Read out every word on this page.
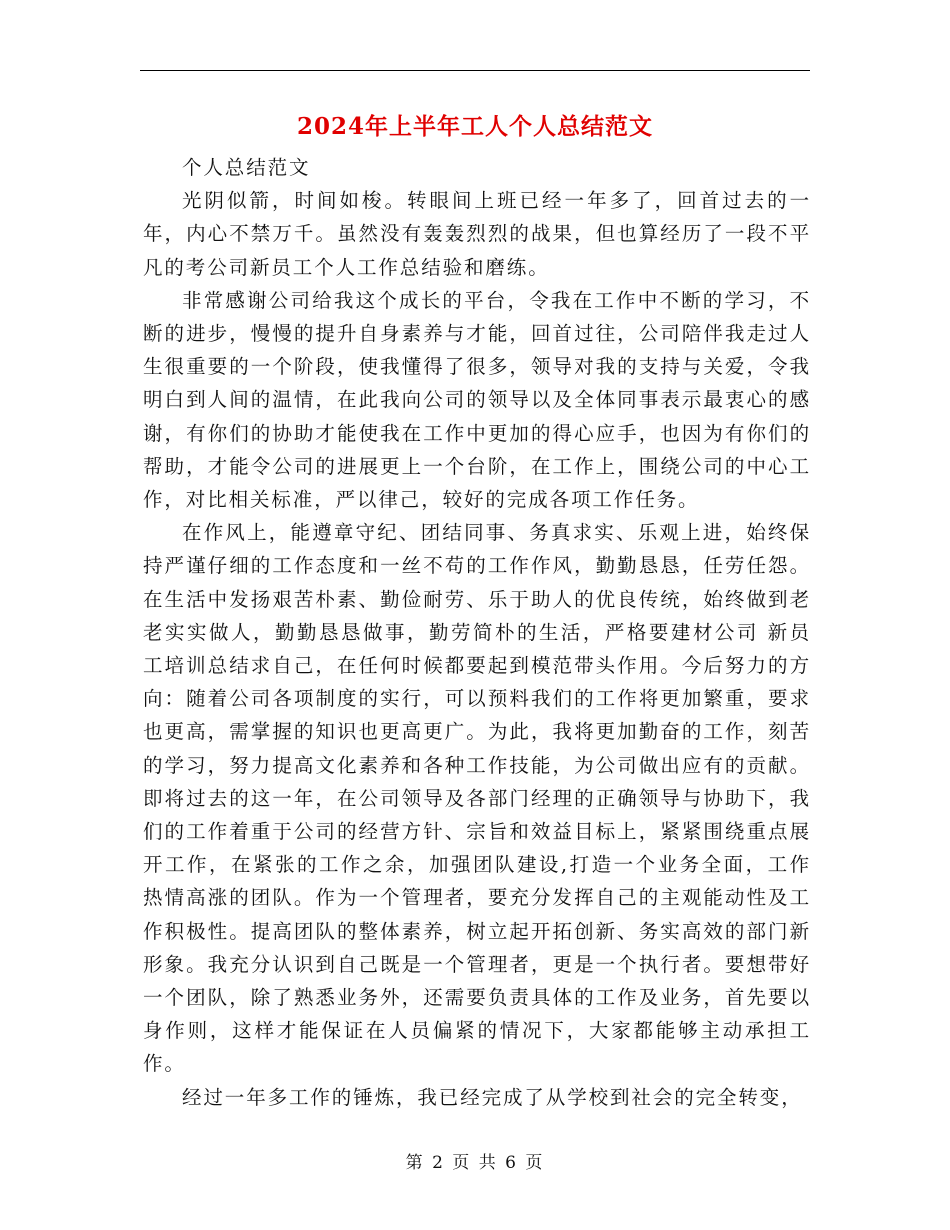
2024年上半年工人个人总结范文

个人总结范文

光阴似箭，时间如梭。转眼间上班已经一年多了，回首过去的一年，内心不禁万千。虽然没有轰轰烈烈的战果，但也算经历了一段不平凡的考公司新员工个人工作总结验和磨练。

非常感谢公司给我这个成长的平台，令我在工作中不断的学习，不断的进步，慢慢的提升自身素养与才能，回首过往，公司陪伴我走过人生很重要的一个阶段，使我懂得了很多，领导对我的支持与关爱，令我明白到人间的温情，在此我向公司的领导以及全体同事表示最衷心的感谢，有你们的协助才能使我在工作中更加的得心应手，也因为有你们的帮助，才能令公司的进展更上一个台阶，在工作上，围绕公司的中心工作，对比相关标准，严以律己，较好的完成各项工作任务。

在作风上，能遵章守纪、团结同事、务真求实、乐观上进，始终保持严谨仔细的工作态度和一丝不苟的工作作风，勤勤恳恳，任劳任怨。在生活中发扬艰苦朴素、勤俭耐劳、乐于助人的优良传统，始终做到老老实实做人，勤勤恳恳做事，勤劳简朴的生活，严格要建材公司 新员工培训总结求自己，在任何时候都要起到模范带头作用。今后努力的方向：随着公司各项制度的实行，可以预料我们的工作将更加繁重，要求也更高，需掌握的知识也更高更广。为此，我将更加勤奋的工作，刻苦的学习，努力提高文化素养和各种工作技能，为公司做出应有的贡献。即将过去的这一年，在公司领导及各部门经理的正确领导与协助下，我们的工作着重于公司的经营方针、宗旨和效益目标上，紧紧围绕重点展开工作，在紧张的工作之余，加强团队建设,打造一个业务全面，工作热情高涨的团队。作为一个管理者，要充分发挥自己的主观能动性及工作积极性。提高团队的整体素养，树立起开拓创新、务实高效的部门新形象。我充分认识到自己既是一个管理者，更是一个执行者。要想带好一个团队，除了熟悉业务外，还需要负责具体的工作及业务，首先要以身作则，这样才能保证在人员偏紧的情况下，大家都能够主动承担工作。

经过一年多工作的锤炼，我已经完成了从学校到社会的完全转变，

第 2 页 共 6 页
